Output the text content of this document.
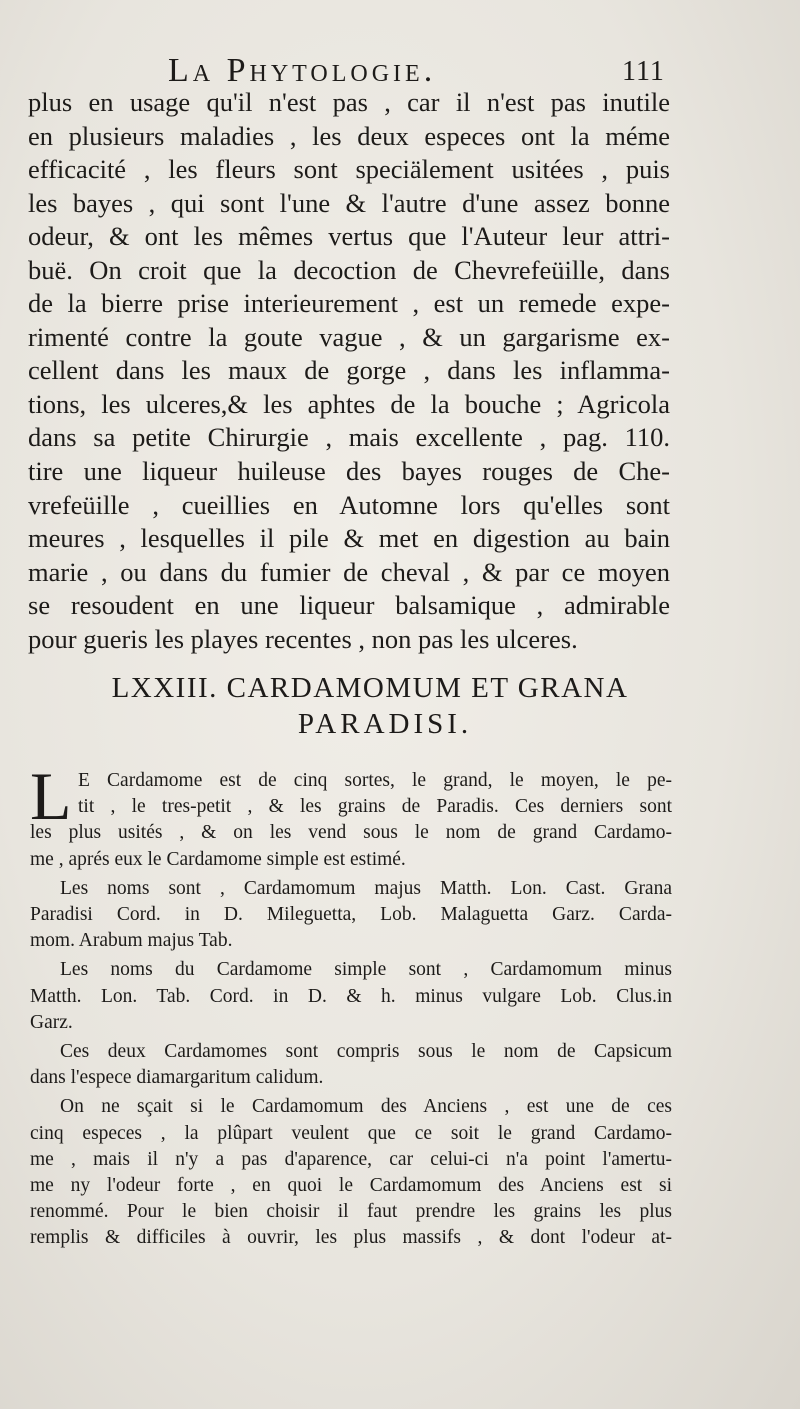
La Phytologie.	111
plus en usage qu'il n'est pas , car il n'est pas inutile
en plusieurs maladies , les deux especes ont la méme
efficacité , les fleurs sont speciälement usitées , puis
les bayes , qui sont l'une & l'autre d'une assez bonne
odeur, & ont les mêmes vertus que l'Auteur leur attri-
buë. On croit que la decoction de Chevrefeüille, dans
de la bierre prise interieurement , est un remede expe-
rimenté contre la goute vague , & un gargarisme ex-
cellent dans les maux de gorge , dans les inflamma-
tions, les ulceres,& les aphtes de la bouche ; Agricola
dans sa petite Chirurgie , mais excellente , pag. 110.
tire une liqueur huileuse des bayes rouges de Che-
vrefeüille , cueillies en Automne lors qu'elles sont
meures , lesquelles il pile & met en digestion au bain
marie , ou dans du fumier de cheval , & par ce moyen
se resoudent en une liqueur balsamique , admirable
pour gueris les playes recentes , non pas les ulceres.
LXXIII. CARDAMOMUM ET GRANA
PARADISI.
L E Cardamome est de cinq sortes, le grand, le moyen, le pe-
tit , le tres-petit , & les grains de Paradis. Ces derniers sont
les plus usités , & on les vend sous le nom de grand Cardamo-
me , aprés eux le Cardamome simple est estimé.
Les noms sont , Cardamomum majus Matth. Lon. Cast. Grana
Paradisi Cord. in D. Mileguetta, Lob. Malaguetta Garz. Carda-
mom. Arabum majus Tab.
Les noms du Cardamome simple sont , Cardamomum minus
Matth. Lon. Tab. Cord. in D. & h. minus vulgare Lob. Clus.in
Garz.
Ces deux Cardamomes sont compris sous le nom de Capsicum
dans l'espece diamargaritum calidum.
On ne sçait si le Cardamomum des Anciens , est une de ces
cinq especes , la plûpart veulent que ce soit le grand Cardamo-
me , mais il n'y a pas d'aparence, car celui-ci n'a point l'amertu-
me ny l'odeur forte , en quoi le Cardamomum des Anciens est si
renommé. Pour le bien choisir il faut prendre les grains les plus
remplis & difficiles à ouvrir, les plus massifs , & dont l'odeur at-
